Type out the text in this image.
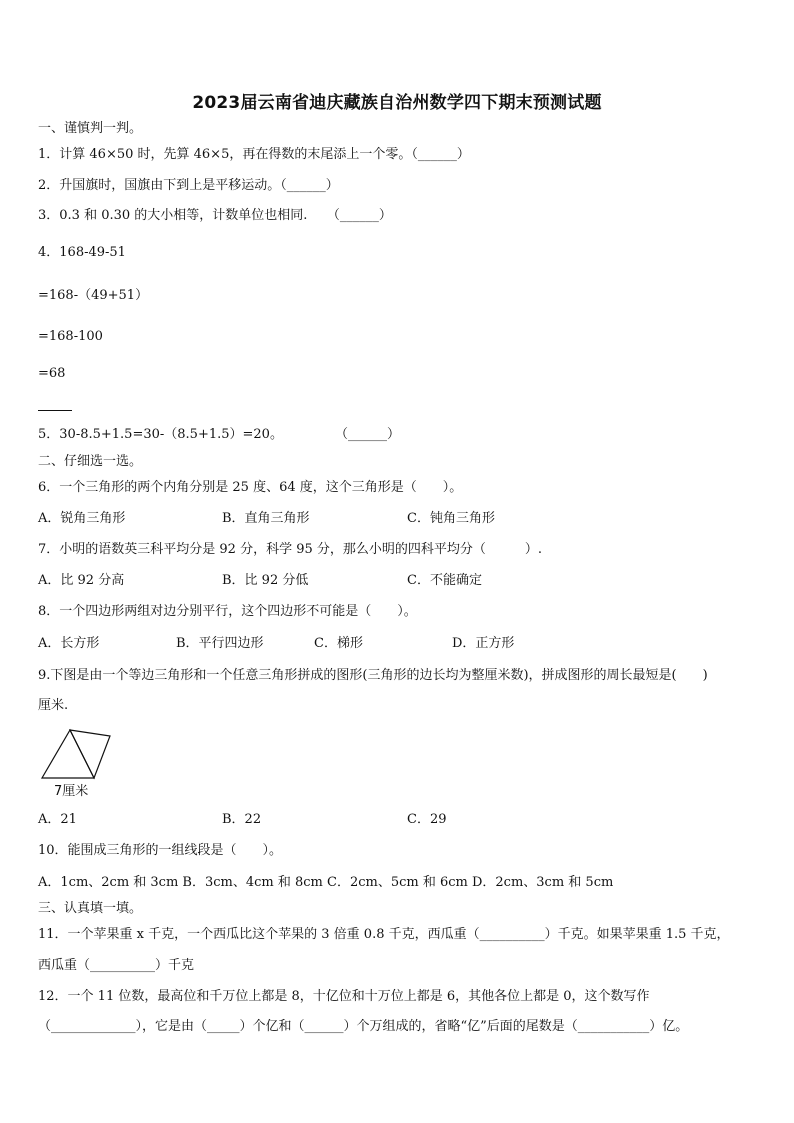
2023届云南省迪庆藏族自治州数学四下期末预测试题

一、谨慎判一判。

1．计算 46×50 时，先算 46×5，再在得数的末尾添上一个零。（______）

2．升国旗时，国旗由下到上是平移运动。（______）

3．0.3 和 0.30 的大小相等，计数单位也相同.　　（______）

4．168-49-51

=168-（49+51）

=168-100

=68

5．30-8.5+1.5=30-（8.5+1.5）=20。　　　　　（______）

二、仔细选一选。

6．一个三角形的两个内角分别是 25 度、64 度，这个三角形是（　　）。

A．锐角三角形	B．直角三角形	C．钝角三角形

7．小明的语数英三科平均分是 92 分，科学 95 分，那么小明的四科平均分（　　　）.

A．比 92 分高	B．比 92 分低	C．不能确定

8．一个四边形两组对边分别平行，这个四边形不可能是（　　）。

A．长方形	B．平行四边形	C．梯形	D．正方形

9.下图是由一个等边三角形和一个任意三角形拼成的图形(三角形的边长均为整厘米数)，拼成图形的周长最短是(　　)

厘米.

7厘米
A．21	B．22	C．29

10．能围成三角形的一组线段是（　　）。

A．1cm、2cm 和 3cm B．3cm、4cm 和 8cm C．2cm、5cm 和 6cm D．2cm、3cm 和 5cm

三、认真填一填。

11．一个苹果重 x 千克，一个西瓜比这个苹果的 3 倍重 0.8 千克，西瓜重（__________）千克。如果苹果重 1.5 千克，

西瓜重（__________）千克

12．一个 11 位数，最高位和千万位上都是 8，十亿位和十万位上都是 6，其他各位上都是 0，这个数写作

（_____________），它是由（_____）个亿和（______）个万组成的，省略“亿”后面的尾数是（___________）亿。
